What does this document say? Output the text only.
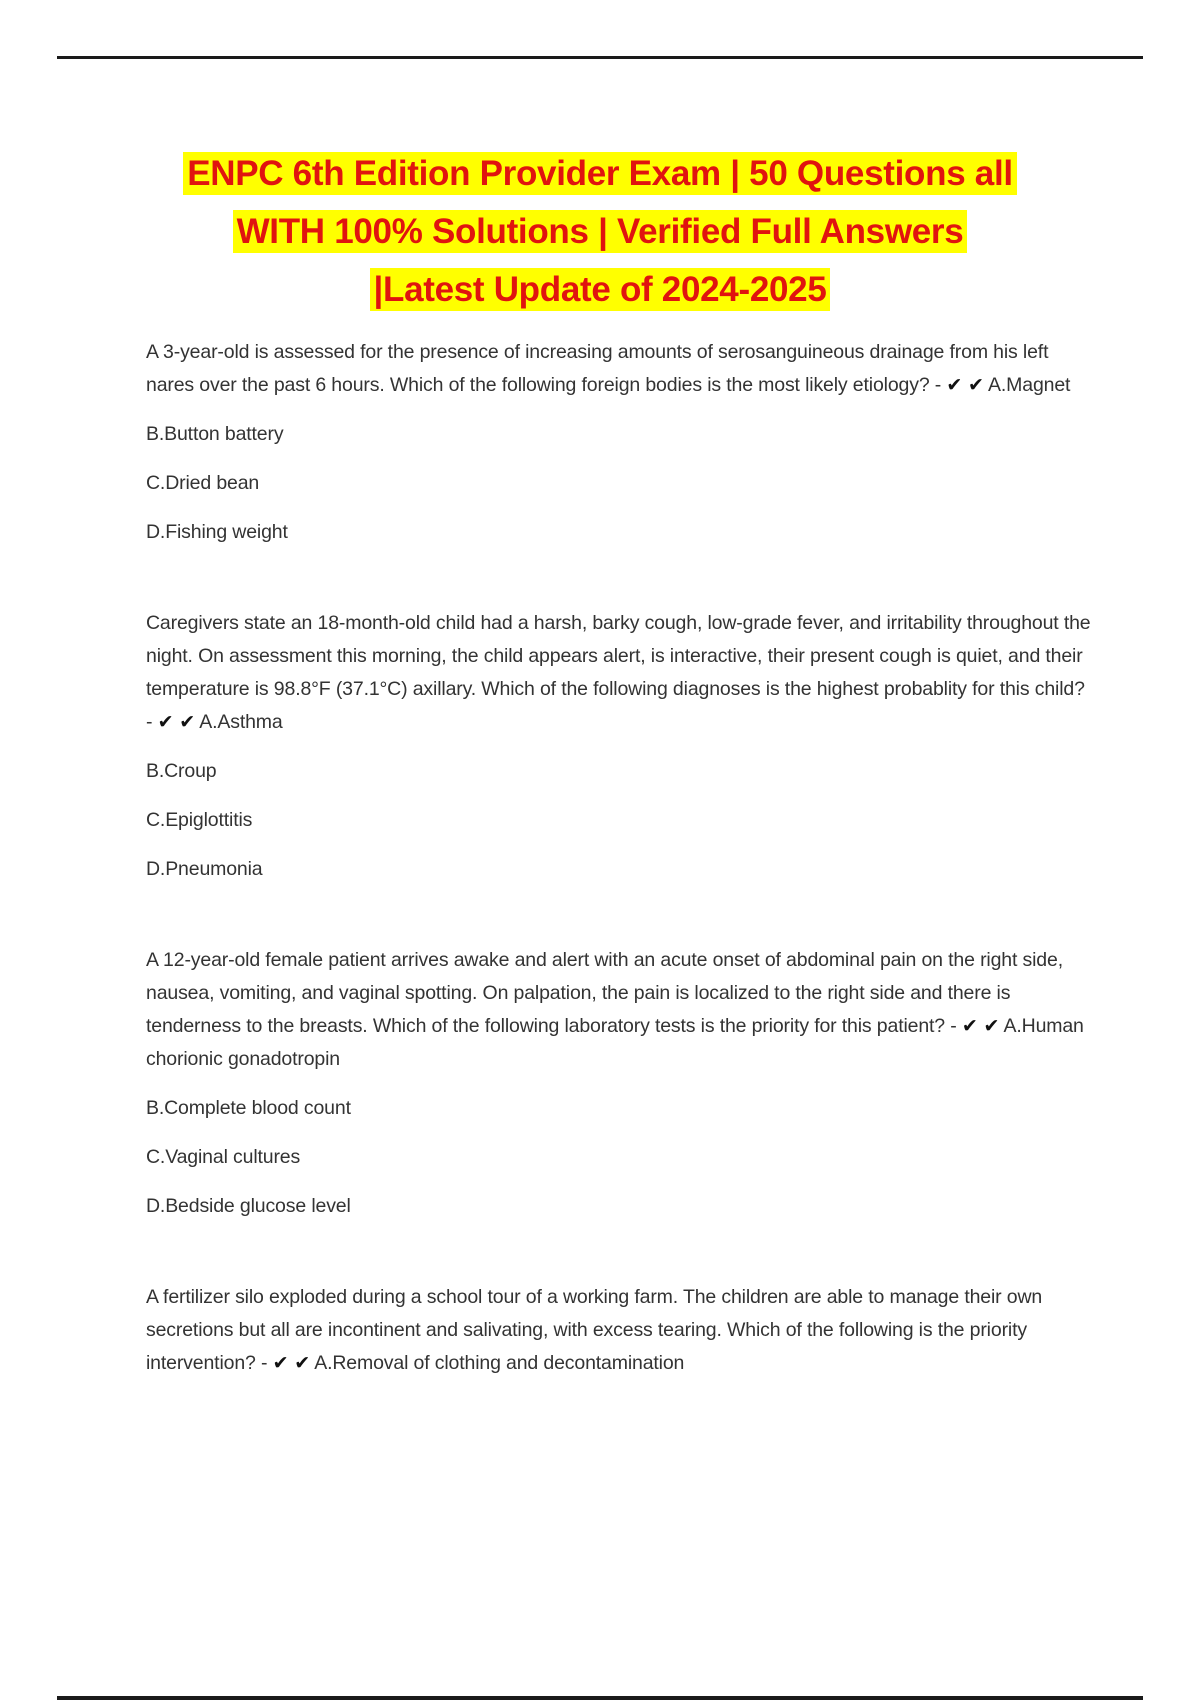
ENPC 6th Edition Provider Exam | 50 Questions all
WITH 100% Solutions | Verified Full Answers
|Latest Update of 2024-2025

A 3-year-old is assessed for the presence of increasing amounts of serosanguineous drainage from his left nares over the past 6 hours. Which of the following foreign bodies is the most likely etiology? - ✔ ✔ A.Magnet

B.Button battery

C.Dried bean

D.Fishing weight

Caregivers state an 18-month-old child had a harsh, barky cough, low-grade fever, and irritability throughout the night. On assessment this morning, the child appears alert, is interactive, their present cough is quiet, and their temperature is 98.8°F (37.1°C) axillary. Which of the following diagnoses is the highest probablity for this child? - ✔ ✔ A.Asthma

B.Croup

C.Epiglottitis

D.Pneumonia

A 12-year-old female patient arrives awake and alert with an acute onset of abdominal pain on the right side, nausea, vomiting, and vaginal spotting. On palpation, the pain is localized to the right side and there is tenderness to the breasts. Which of the following laboratory tests is the priority for this patient? - ✔ ✔ A.Human chorionic gonadotropin

B.Complete blood count

C.Vaginal cultures

D.Bedside glucose level

A fertilizer silo exploded during a school tour of a working farm. The children are able to manage their own secretions but all are incontinent and salivating, with excess tearing. Which of the following is the priority intervention? - ✔ ✔ A.Removal of clothing and decontamination
